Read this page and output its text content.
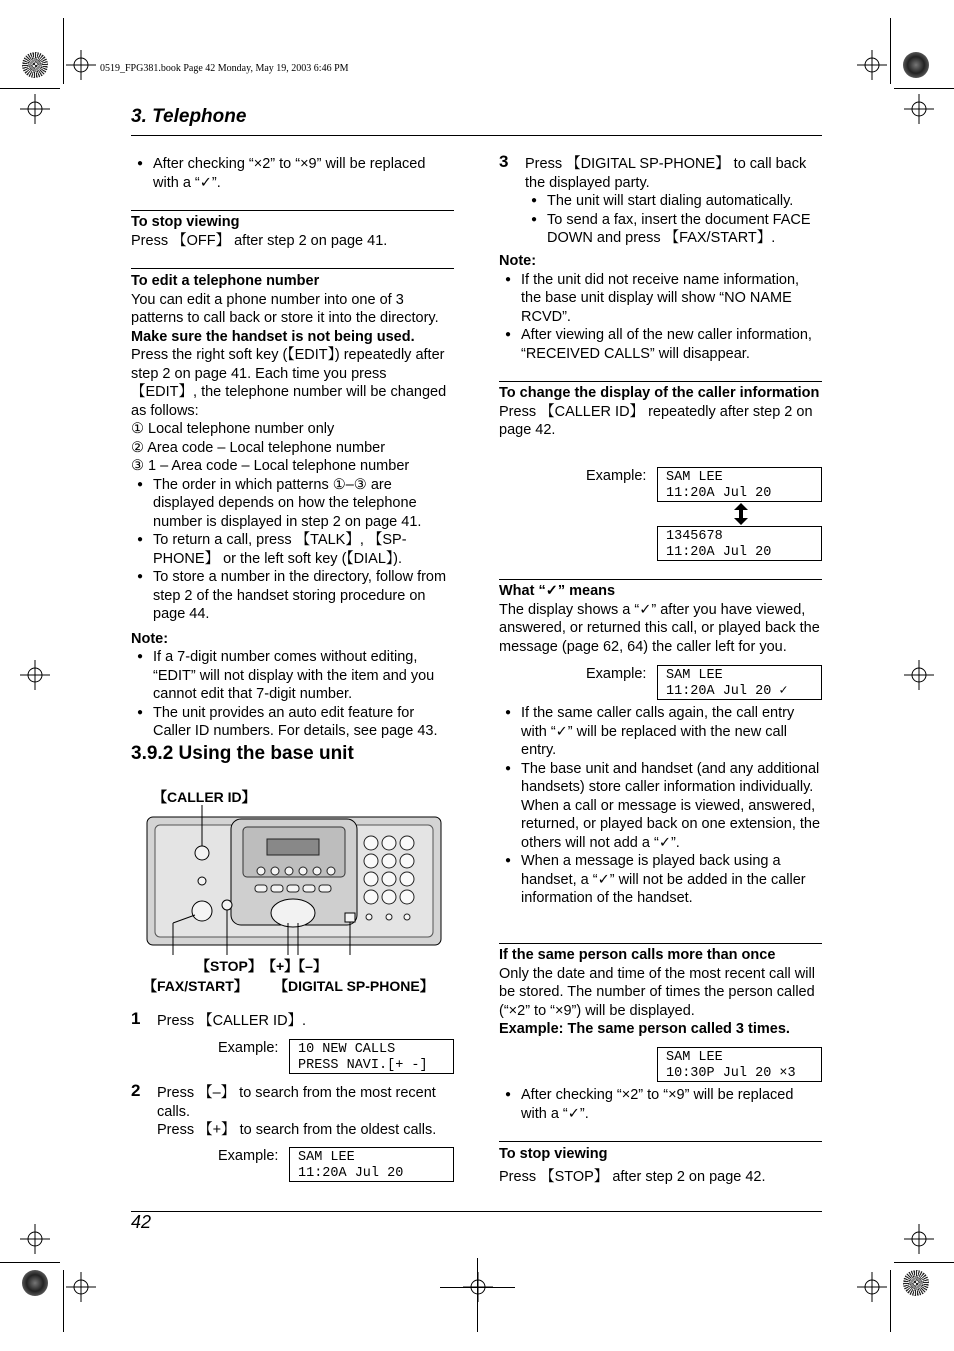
0519_FPG381.book Page 42 Monday, May 19, 2003 6:46 PM
3. Telephone

● After checking “×2” to “×9” will be replaced with a “✓”.

To stop viewing

Press 【OFF】 after step 2 on page 41.

To edit a telephone number

You can edit a phone number into one of 3 patterns to call back or store it into the directory.

Make sure the handset is not being used.

Press the right soft key (【EDIT】) repeatedly after step 2 on page 41. Each time you press 【EDIT】, the telephone number will be changed as follows:

① Local telephone number only

② Area code – Local telephone number

③ 1 – Area code – Local telephone number

● The order in which patterns ①–③ are displayed depends on how the telephone number is displayed in step 2 on page 41.

● To return a call, press 【TALK】, 【SP-PHONE】 or the left soft key (【DIAL】).

● To store a number in the directory, follow from step 2 of the handset storing procedure on page 44.

Note:

● If a 7-digit number comes without editing, “EDIT” will not display with the item and you cannot edit that 7-digit number.

● The unit provides an auto edit feature for Caller ID numbers. For details, see page 43.

3.9.2 Using the base unit
【CALLER ID】
【STOP】 【+】【–】
【FAX/START】 【DIGITAL SP-PHONE】
1 Press 【CALLER ID】.
Example:	10 NEW CALLS
PRESS NAVI.[+ -]
2 Press 【–】 to search from the most recent calls.

Press 【+】 to search from the oldest calls.

Example:	SAM LEE
11:20A Jul 20
3 Press 【DIGITAL SP-PHONE】 to call back the displayed party.

● The unit will start dialing automatically.

● To send a fax, insert the document FACE DOWN and press 【FAX/START】.

Note:

● If the unit did not receive name information, the base unit display will show “NO NAME RCVD”.

● After viewing all of the new caller information, “RECEIVED CALLS” will disappear.

To change the display of the caller information

Press 【CALLER ID】 repeatedly after step 2 on page 42.

Example:	SAM LEE
11:20A Jul 20
1345678
11:20A Jul 20

What “✓” means

The display shows a “✓” after you have viewed, answered, or returned this call, or played back the message (page 62, 64) the caller left for you.

Example:	SAM LEE
11:20A Jul 20 ✓

● If the same caller calls again, the call entry with “✓” will be replaced with the new call entry.

● The base unit and handset (and any additional handsets) store caller information individually. When a call or message is viewed, answered, returned, or played back on one extension, the others will not add a “✓”.

● When a message is played back using a handset, a “✓” will not be added in the caller information of the handset.

If the same person calls more than once

Only the date and time of the most recent call will be stored. The number of times the person called (“×2” to “×9”) will be displayed.

Example: The same person called 3 times.

SAM LEE
10:30P Jul 20 ×3

● After checking “×2” to “×9” will be replaced with a “✓”.

To stop viewing

Press 【STOP】 after step 2 on page 42.

42
